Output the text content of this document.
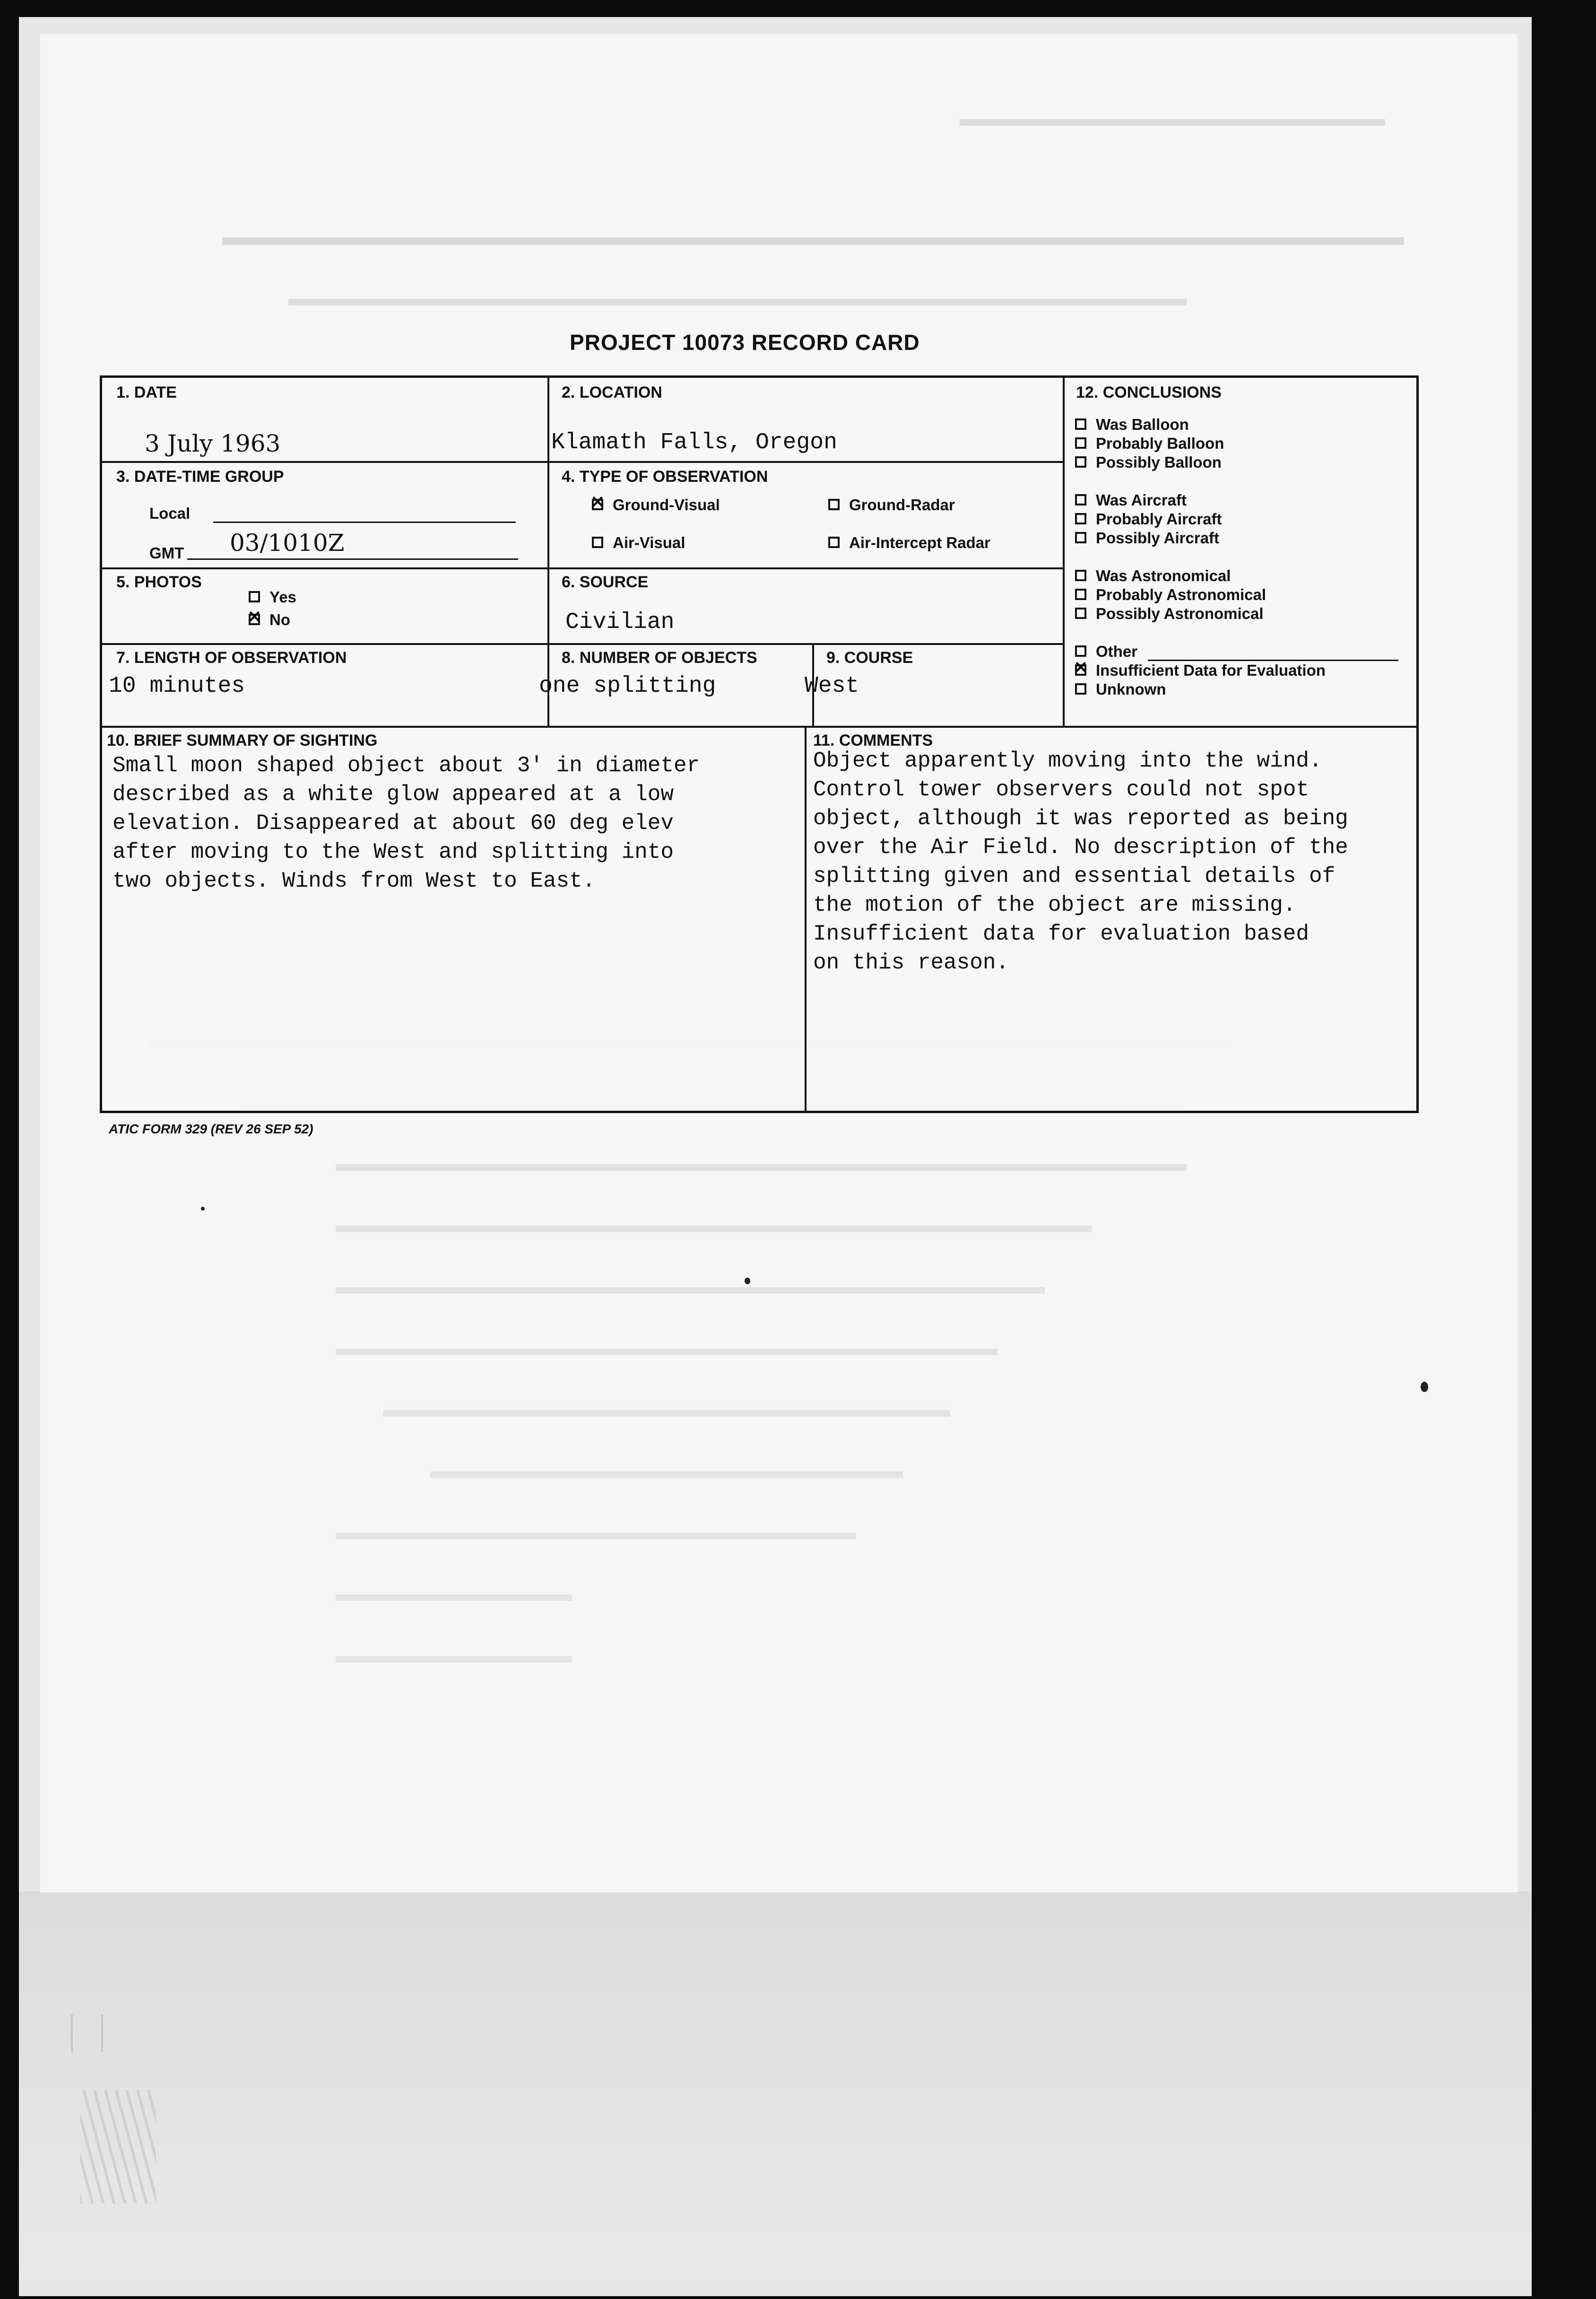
PROJECT 10073 RECORD CARD
1. DATE
3 July 1963
2. LOCATION
Klamath Falls, Oregon
12. CONCLUSIONS
Was Balloon
Probably Balloon
Possibly Balloon
Was Aircraft
Probably Aircraft
Possibly Aircraft
Was Astronomical
Probably Astronomical
Possibly Astronomical
Other
✕
Insufficient Data for Evaluation
Unknown
3. DATE-TIME GROUP
Local
GMT 03/1010Z
4. TYPE OF OBSERVATION
✕
Ground-Visual	Ground-Radar
Air-Visual	Air-Intercept Radar
5. PHOTOS
Yes
✕
No
6. SOURCE
Civilian
7. LENGTH OF OBSERVATION
10 minutes
8. NUMBER OF OBJECTS
one splitting
9. COURSE
West
10. BRIEF SUMMARY OF SIGHTING
Small moon shaped object about 3' in diameter
described as a white glow appeared at a low
elevation. Disappeared at about 60 deg elev
after moving to the West and splitting into
two objects. Winds from West to East.
11. COMMENTS
Object apparently moving into the wind.
Control tower observers could not spot
object, although it was reported as being
over the Air Field. No description of the
splitting given and essential details of
the motion of the object are missing.
Insufficient data for evaluation based
on this reason.
ATIC FORM 329 (REV 26 SEP 52)
